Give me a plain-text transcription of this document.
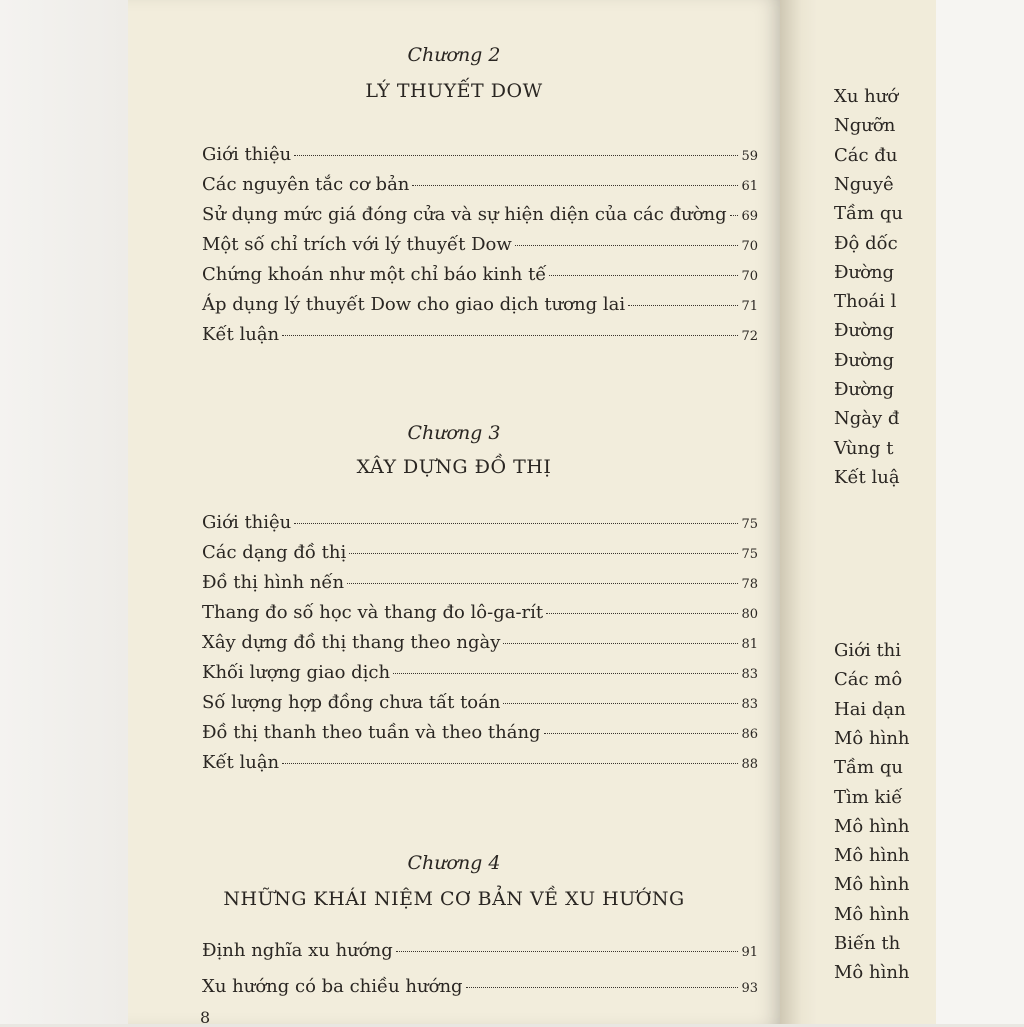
Xu hướ
Ngưỡn
Các đu
Nguyê
Tầm qu
Độ dốc
Đường
Thoái l
Đường
Đường
Đường
Ngày đ
Vùng t
Kết luậ
Giới thi
Các mô
Hai dạn
Mô hình
Tầm qu
Tìm kiế
Mô hình
Mô hình
Mô hình
Mô hình
Biến th
Mô hình
Chương 2
LÝ THUYẾT DOW
Giới thiệu	59
Các nguyên tắc cơ bản	61
Sử dụng mức giá đóng cửa và sự hiện diện của các đường 69
Một số chỉ trích với lý thuyết Dow	70
Chứng khoán như một chỉ báo kinh tế	70
Áp dụng lý thuyết Dow cho giao dịch tương lai	71
Kết luận	72
Chương 3
XÂY DỰNG ĐỒ THỊ
Giới thiệu	75
Các dạng đồ thị	75
Đồ thị hình nến	78
Thang đo số học và thang đo lô-ga-rít	80
Xây dựng đồ thị thang theo ngày	81
Khối lượng giao dịch	83
Số lượng hợp đồng chưa tất toán	83
Đồ thị thanh theo tuần và theo tháng	86
Kết luận	88
Chương 4
NHỮNG KHÁI NIỆM CƠ BẢN VỀ XU HƯỚNG
Định nghĩa xu hướng	91
Xu hướng có ba chiều hướng	93
8
